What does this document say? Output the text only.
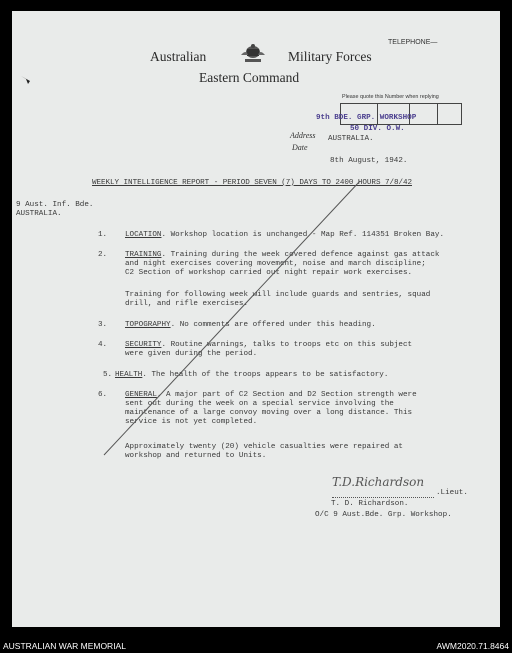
Australian	Military Forces
Eastern Command
TELEPHONE—
Please quote this Number when replying
9th BDE. GRP. WORKSHOP
50 DIV. O.W.
Address AUSTRALIA.
Date
8th August, 1942.
WEEKLY INTELLIGENCE REPORT - PERIOD SEVEN (7) DAYS TO 2400 HOURS 7/8/42
9 Aust. Inf. Bde.
AUSTRALIA.
1. LOCATION. Workshop location is unchanged - Map Ref. 114351 Broken Bay.
2. TRAINING. Training during the week covered defence against gas attack
and night exercises covering movement, noise and march discipline;
C2 Section of workshop carried out night repair work exercises.
Training for following week will include guards and sentries, squad
drill, and rifle exercises.
3. TOPOGRAPHY. No comments are offered under this heading.
4. SECURITY. Routine warnings, talks to troops etc on this subject
were given during the period.
5. HEALTH. The health of the troops appears to be satisfactory.
6. GENERAL. A major part of C2 Section and D2 Section strength were
sent out during the week on a special service involving the
maintenance of a large convoy moving over a long distance. This
service is not yet completed.
Approximately twenty (20) vehicle casualties were repaired at
workshop and returned to Units.
T.D.Richardson
.Lieut.
T. D. Richardson.
O/C 9 Aust.Bde. Grp. Workshop.
AUSTRALIAN WAR MEMORIAL	AWM2020.71.8464
